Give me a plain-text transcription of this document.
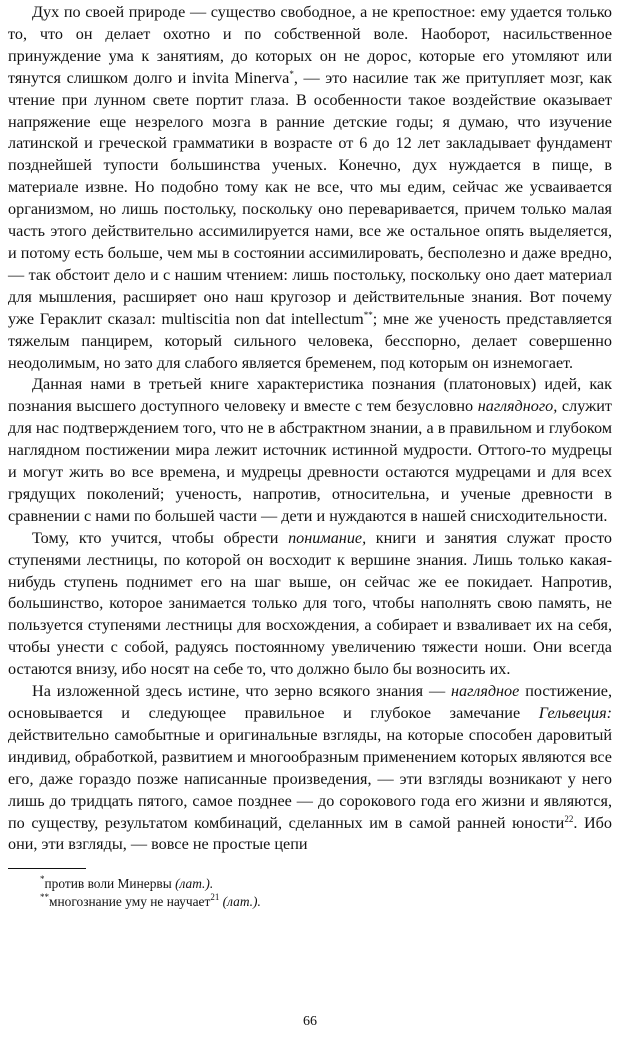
Дух по своей природе — существо свободное, а не крепостное: ему удается только то, что он делает охотно и по собственной воле. Наоборот, насильственное принуждение ума к занятиям, до которых он не дорос, которые его утомляют или тянутся слишком долго и invita Minerva*, — это насилие так же притупляет мозг, как чтение при лунном свете портит глаза. В особенности такое воздействие оказывает напряжение еще незрелого мозга в ранние детские годы; я думаю, что изучение латинской и греческой грамматики в возрасте от 6 до 12 лет закладывает фундамент позднейшей тупости большинства ученых. Конечно, дух нуждается в пище, в материале извне. Но подобно тому как не все, что мы едим, сейчас же усваивается организмом, но лишь постольку, поскольку оно переваривается, причем только малая часть этого действительно ассимилируется нами, все же остальное опять выделяется, и потому есть больше, чем мы в состоянии ассимилировать, бесполезно и даже вредно, — так обстоит дело и с нашим чтением: лишь постольку, поскольку оно дает материал для мышления, расширяет оно наш кругозор и действительные знания. Вот почему уже Гераклит сказал: multiscitia non dat intellectum**; мне же ученость представляется тяжелым панцирем, который сильного человека, бесспорно, делает совершенно неодолимым, но зато для слабого является бременем, под которым он изнемогает.

Данная нами в третьей книге характеристика познания (платоновых) идей, как познания высшего доступного человеку и вместе с тем безусловно наглядного, служит для нас подтверждением того, что не в абстрактном знании, а в правильном и глубоком наглядном постижении мира лежит источник истинной мудрости. Оттого-то мудрецы и могут жить во все времена, и мудрецы древности остаются мудрецами и для всех грядущих поколений; ученость, напротив, относительна, и ученые древности в сравнении с нами по большей части — дети и нуждаются в нашей снисходительности.

Тому, кто учится, чтобы обрести понимание, книги и занятия служат просто ступенями лестницы, по которой он восходит к вершине знания. Лишь только какая-нибудь ступень поднимет его на шаг выше, он сейчас же ее покидает. Напротив, большинство, которое занимается только для того, чтобы наполнять свою память, не пользуется ступенями лестницы для восхождения, а собирает и взваливает их на себя, чтобы унести с собой, радуясь постоянному увеличению тяжести ноши. Они всегда остаются внизу, ибо носят на себе то, что должно было бы возносить их.

На изложенной здесь истине, что зерно всякого знания — наглядное постижение, основывается и следующее правильное и глубокое замечание Гельвеция: действительно самобытные и оригинальные взгляды, на которые способен даровитый индивид, обработкой, развитием и многообразным применением которых являются все его, даже гораздо позже написанные произведения, — эти взгляды возникают у него лишь до тридцать пятого, самое позднее — до сорокового года его жизни и являются, по существу, результатом комбинаций, сделанных им в самой ранней юности$^{22}$. Ибо они, эти взгляды, — вовсе не простые цепи

*против воли Минервы (лат.).

**многознание уму не научает$^{21}$ (лат.).

66
